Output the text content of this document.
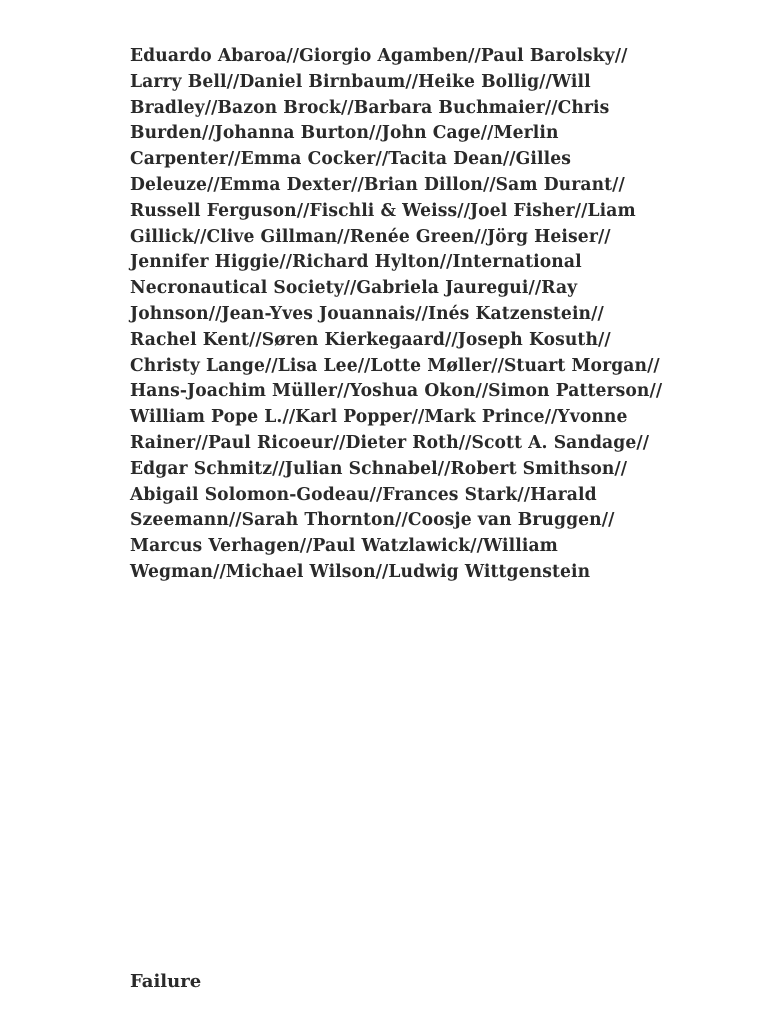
Eduardo Abaroa//Giorgio Agamben//Paul Barolsky//
Larry Bell//Daniel Birnbaum//Heike Bollig//Will
Bradley//Bazon Brock//Barbara Buchmaier//Chris
Burden//Johanna Burton//John Cage//Merlin
Carpenter//Emma Cocker//Tacita Dean//Gilles
Deleuze//Emma Dexter//Brian Dillon//Sam Durant//
Russell Ferguson//Fischli & Weiss//Joel Fisher//Liam
Gillick//Clive Gillman//Renée Green//Jörg Heiser//
Jennifer Higgie//Richard Hylton//International
Necronautical Society//Gabriela Jauregui//Ray
Johnson//Jean-Yves Jouannais//Inés Katzenstein//
Rachel Kent//Søren Kierkegaard//Joseph Kosuth//
Christy Lange//Lisa Lee//Lotte Møller//Stuart Morgan//
Hans-Joachim Müller//Yoshua Okon//Simon Patterson//
William Pope L.//Karl Popper//Mark Prince//Yvonne
Rainer//Paul Ricoeur//Dieter Roth//Scott A. Sandage//
Edgar Schmitz//Julian Schnabel//Robert Smithson//
Abigail Solomon-Godeau//Frances Stark//Harald
Szeemann//Sarah Thornton//Coosje van Bruggen//
Marcus Verhagen//Paul Watzlawick//William
Wegman//Michael Wilson//Ludwig Wittgenstein
Failure
